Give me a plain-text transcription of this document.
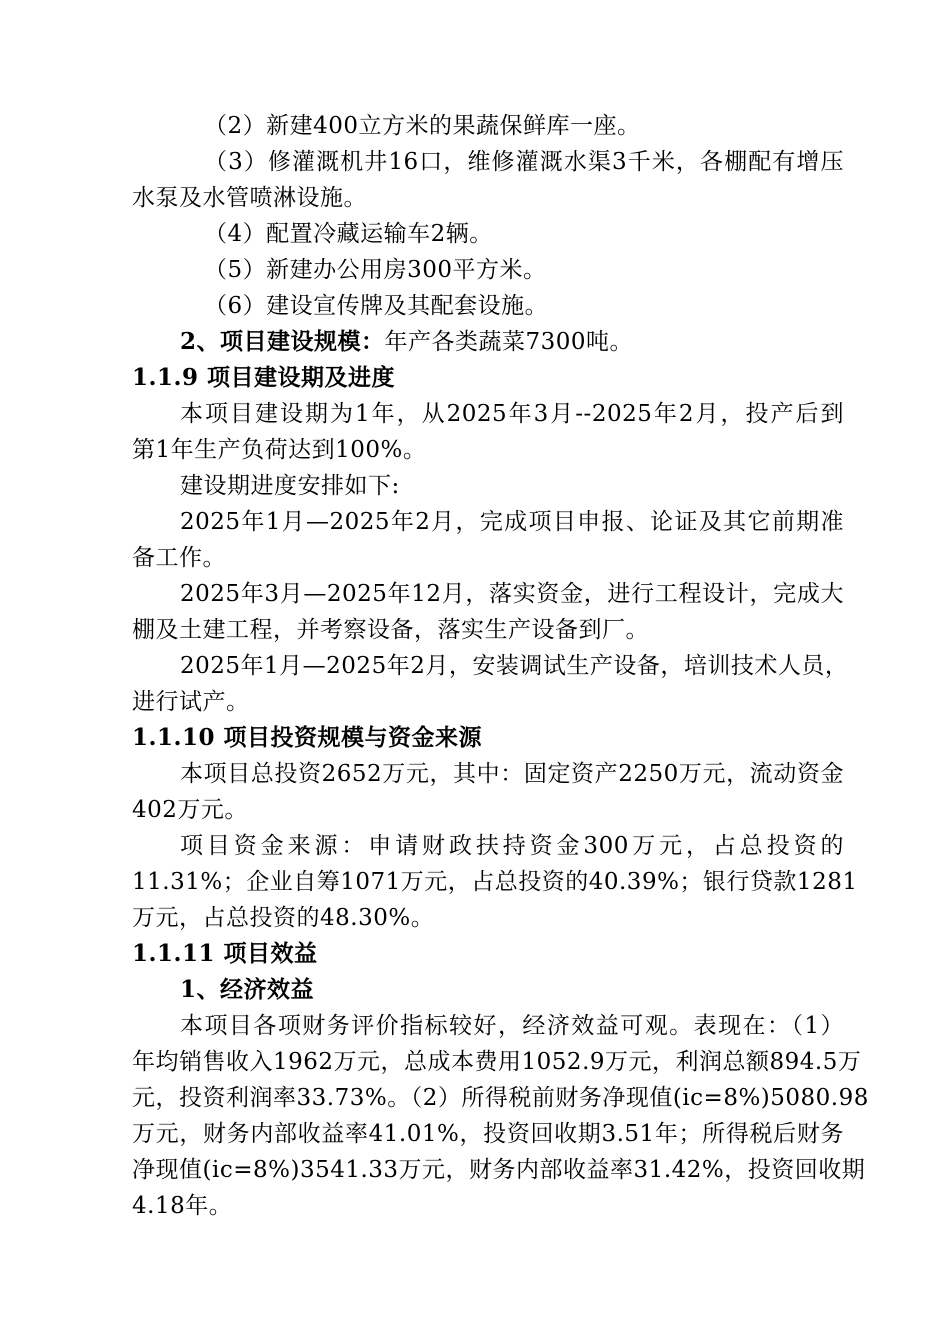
（2）新建400立方米的果蔬保鲜库一座。
（3）修灌溉机井16口，维修灌溉水渠3千米，各棚配有增压
水泵及水管喷淋设施。
（4）配置冷藏运输车2辆。
（5）新建办公用房300平方米。
（6）建设宣传牌及其配套设施。
2、项目建设规模：年产各类蔬菜7300吨。
1.1.9 项目建设期及进度
本项目建设期为1年，从2025年3月--2025年2月，投产后到
第1年生产负荷达到100%。
建设期进度安排如下:
2025年1月—2025年2月，完成项目申报、论证及其它前期准
备工作。
2025年3月—2025年12月，落实资金，进行工程设计，完成大
棚及土建工程，并考察设备，落实生产设备到厂。
2025年1月—2025年2月，安装调试生产设备，培训技术人员，
进行试产。
1.1.10 项目投资规模与资金来源
本项目总投资2652万元，其中：固定资产2250万元，流动资金
402万元。
项目资金来源：申请财政扶持资金300万元，占总投资的
11.31%；企业自筹1071万元，占总投资的40.39%；银行贷款1281
万元，占总投资的48.30%。
1.1.11 项目效益
1、经济效益
本项目各项财务评价指标较好，经济效益可观。表现在：（1）
年均销售收入1962万元，总成本费用1052.9万元，利润总额894.5万
元，投资利润率33.73%。（2）所得税前财务净现值(ic=8%)5080.98
万元，财务内部收益率41.01%，投资回收期3.51年；所得税后财务
净现值(ic=8%)3541.33万元，财务内部收益率31.42%，投资回收期
4.18年。
